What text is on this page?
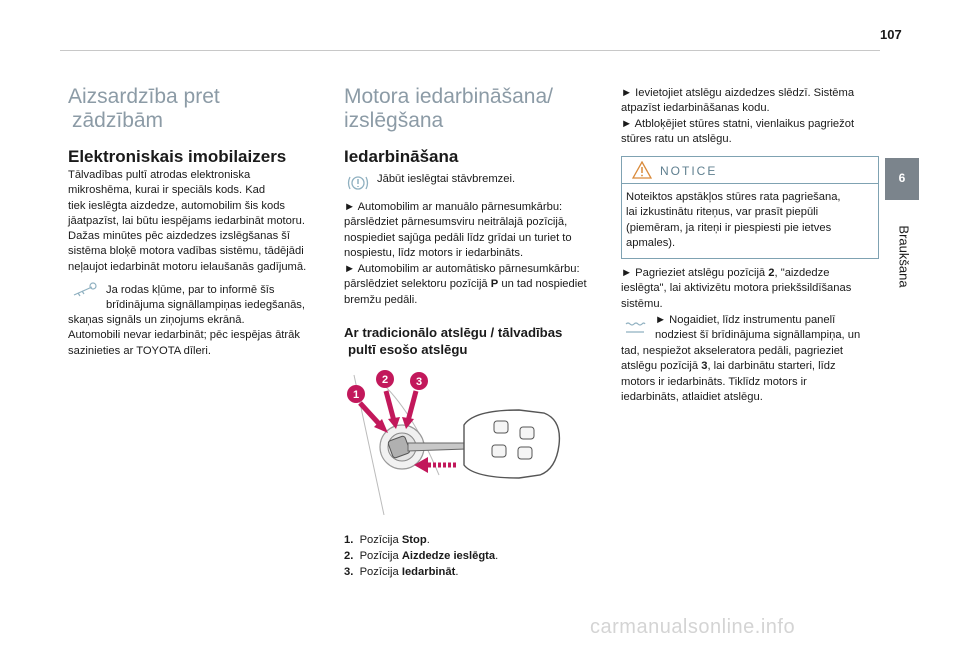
107
Aizsardzība pret
zādzībām
Elektroniskais imobilaizers
Tālvadības pultī atrodas elektroniska
mikroshēma, kurai ir speciāls kods. Kad
tiek ieslēgta aizdedze, automobilim šis kods
jāatpazīst, lai būtu iespējams iedarbināt motoru.
Dažas minūtes pēc aizdedzes izslēgšanas šī
sistēma bloķē motora vadības sistēmu, tādējādi
neļaujot iedarbināt motoru ielaušanās gadījumā.
Ja rodas kļūme, par to informē šīs
brīdinājuma signāllampiņas iedegšanās,
skaņas signāls un ziņojums ekrānā.
Automobili nevar iedarbināt; pēc iespējas ātrāk
sazinieties ar TOYOTA dīleri.
Motora iedarbināšana/
izslēgšana
Iedarbināšana
Jābūt ieslēgtai stāvbremzei.
► Automobilim ar manuālo pārnesumkārbu:
pārslēdziet pārnesumsviru neitrālajā pozīcijā,
nospiediet sajūga pedāli līdz grīdai un turiet to
nospiestu, līdz motors ir iedarbināts.
► Automobilim ar automātisko pārnesumkārbu:
pārslēdziet selektoru pozīcijā P un tad nospiediet
bremžu pedāli.
Ar tradicionālo atslēgu / tālvadības
pultī esošo atslēgu
1
2	3
1. Pozīcija Stop.
2. Pozīcija Aizdedze ieslēgta.
3. Pozīcija Iedarbināt.
► Ievietojiet atslēgu aizdedzes slēdzī. Sistēma
atpazīst iedarbināšanas kodu.
► Atbloķējiet stūres statni, vienlaikus pagriežot
stūres ratu un atslēgu.
NOTICE
Noteiktos apstākļos stūres rata pagriešana,
lai izkustinātu riteņus, var prasīt piepūli
(piemēram, ja riteņi ir piespiesti pie ietves
apmales).
► Pagrieziet atslēgu pozīcijā 2, "aizdedze
ieslēgta", lai aktivizētu motora priekšsildīšanas
sistēmu.
► Nogaidiet, līdz instrumentu panelī
nodziest šī brīdinājuma signāllampiņa, un
tad, nespiežot akseleratora pedāli, pagrieziet
atslēgu pozīcijā 3, lai darbinātu starteri, līdz
motors ir iedarbināts. Tiklīdz motors ir
iedarbināts, atlaidiet atslēgu.
6
Braukšana
carmanualsonline.info
